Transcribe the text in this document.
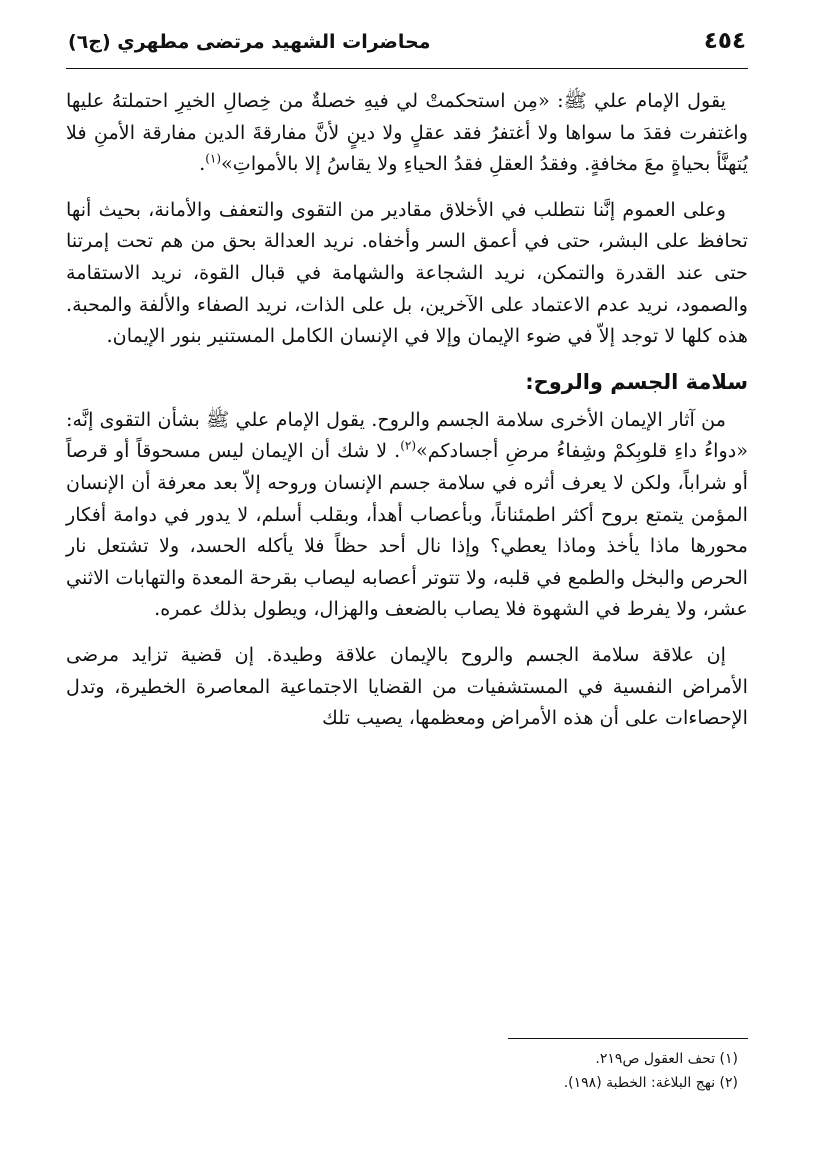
٤٥٤
محاضرات الشهيد مرتضى مطهري (ج٦)

يقول الإمام علي ﷺ: «مِن استحكمتْ لي فيهِ خصلةٌ من خِصالِ الخيرِ احتملتهُ عليها واغتفرت فقدَ ما سواها ولا أغتفرُ فقد عقلٍ ولا دينٍ لأنَّ مفارقةَ الدين مفارقة الأمنِ فلا يُتهنَّأ بحياةٍ معَ مخافةٍ. وفقدُ العقلِ فقدُ الحياءِ ولا يقاسُ إلا بالأمواتِ»$^{(١)}$.

وعلى العموم إنَّنا نتطلب في الأخلاق مقادير من التقوى والتعفف والأمانة، بحيث أنها تحافظ على البشر، حتى في أعمق السر وأخفاه. نريد العدالة بحق من هم تحت إمرتنا حتى عند القدرة والتمكن، نريد الشجاعة والشهامة في قبال القوة، نريد الاستقامة والصمود، نريد عدم الاعتماد على الآخرين، بل على الذات، نريد الصفاء والألفة والمحبة. هذه كلها لا توجد إلاّ في ضوء الإيمان وإلا في الإنسان الكامل المستنير بنور الإيمان.

سلامة الجسم والروح:

من آثار الإيمان الأخرى سلامة الجسم والروح. يقول الإمام علي ﷺ بشأن التقوى إنَّه: «دواءُ داءِ قلوبِكمْ وشِفاءُ مرضِ أجسادكم»$^{(٢)}$. لا شك أن الإيمان ليس مسحوقاً أو قرصاً أو شراباً، ولكن لا يعرف أثره في سلامة جسم الإنسان وروحه إلاّ بعد معرفة أن الإنسان المؤمن يتمتع بروح أكثر اطمئناناً، وبأعصاب أهدأ، وبقلب أسلم، لا يدور في دوامة أفكار محورها ماذا يأخذ وماذا يعطي؟ وإذا نال أحد حظاً فلا يأكله الحسد، ولا تشتعل نار الحرص والبخل والطمع في قلبه، ولا تتوتر أعصابه ليصاب بقرحة المعدة والتهابات الاثني عشر، ولا يفرط في الشهوة فلا يصاب بالضعف والهزال، ويطول بذلك عمره.

إن علاقة سلامة الجسم والروح بالإيمان علاقة وطيدة. إن قضية تزايد مرضى الأمراض النفسية في المستشفيات من القضايا الاجتماعية المعاصرة الخطيرة، وتدل الإحصاءات على أن هذه الأمراض ومعظمها، يصيب تلك

(١) تحف العقول ص٢١٩.
(٢) نهج البلاغة: الخطبة (١٩٨).
